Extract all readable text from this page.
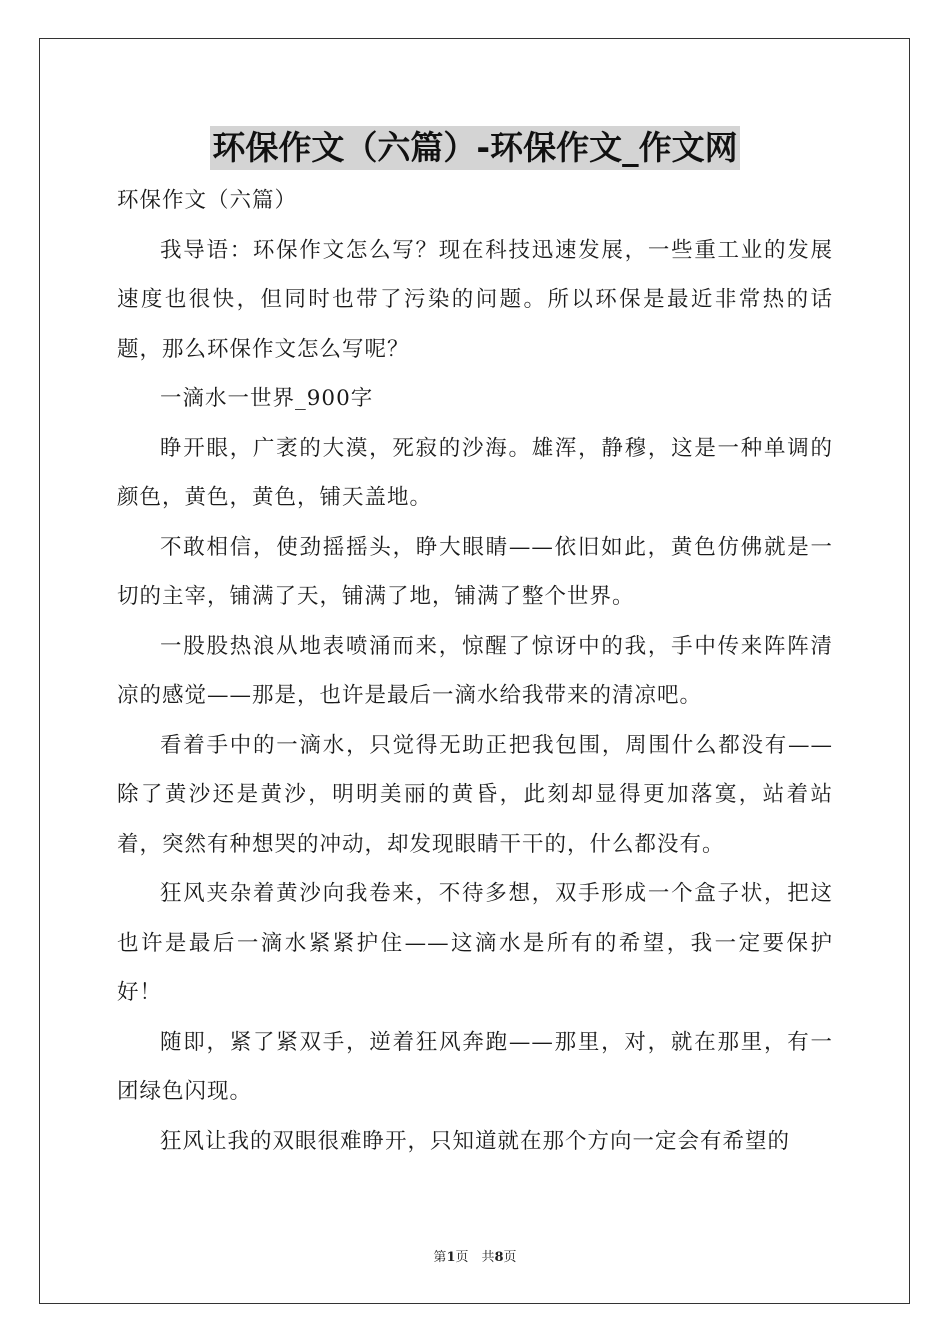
环保作文（六篇）-环保作文_作文网

环保作文（六篇）

我导语：环保作文怎么写？现在科技迅速发展，一些重工业的发展速度也很快，但同时也带了污染的问题。所以环保是最近非常热的话题，那么环保作文怎么写呢？

一滴水一世界_900字

睁开眼，广袤的大漠，死寂的沙海。雄浑，静穆，这是一种单调的颜色，黄色，黄色，铺天盖地。

不敢相信，使劲摇摇头，睁大眼睛——依旧如此，黄色仿佛就是一切的主宰，铺满了天，铺满了地，铺满了整个世界。

一股股热浪从地表喷涌而来，惊醒了惊讶中的我，手中传来阵阵清凉的感觉——那是，也许是最后一滴水给我带来的清凉吧。

看着手中的一滴水，只觉得无助正把我包围，周围什么都没有——除了黄沙还是黄沙，明明美丽的黄昏，此刻却显得更加落寞，站着站着，突然有种想哭的冲动，却发现眼睛干干的，什么都没有。

狂风夹杂着黄沙向我卷来，不待多想，双手形成一个盒子状，把这也许是最后一滴水紧紧护住——这滴水是所有的希望，我一定要保护好！

随即，紧了紧双手，逆着狂风奔跑——那里，对，就在那里，有一团绿色闪现。

狂风让我的双眼很难睁开，只知道就在那个方向一定会有希望的

第1页　共8页
